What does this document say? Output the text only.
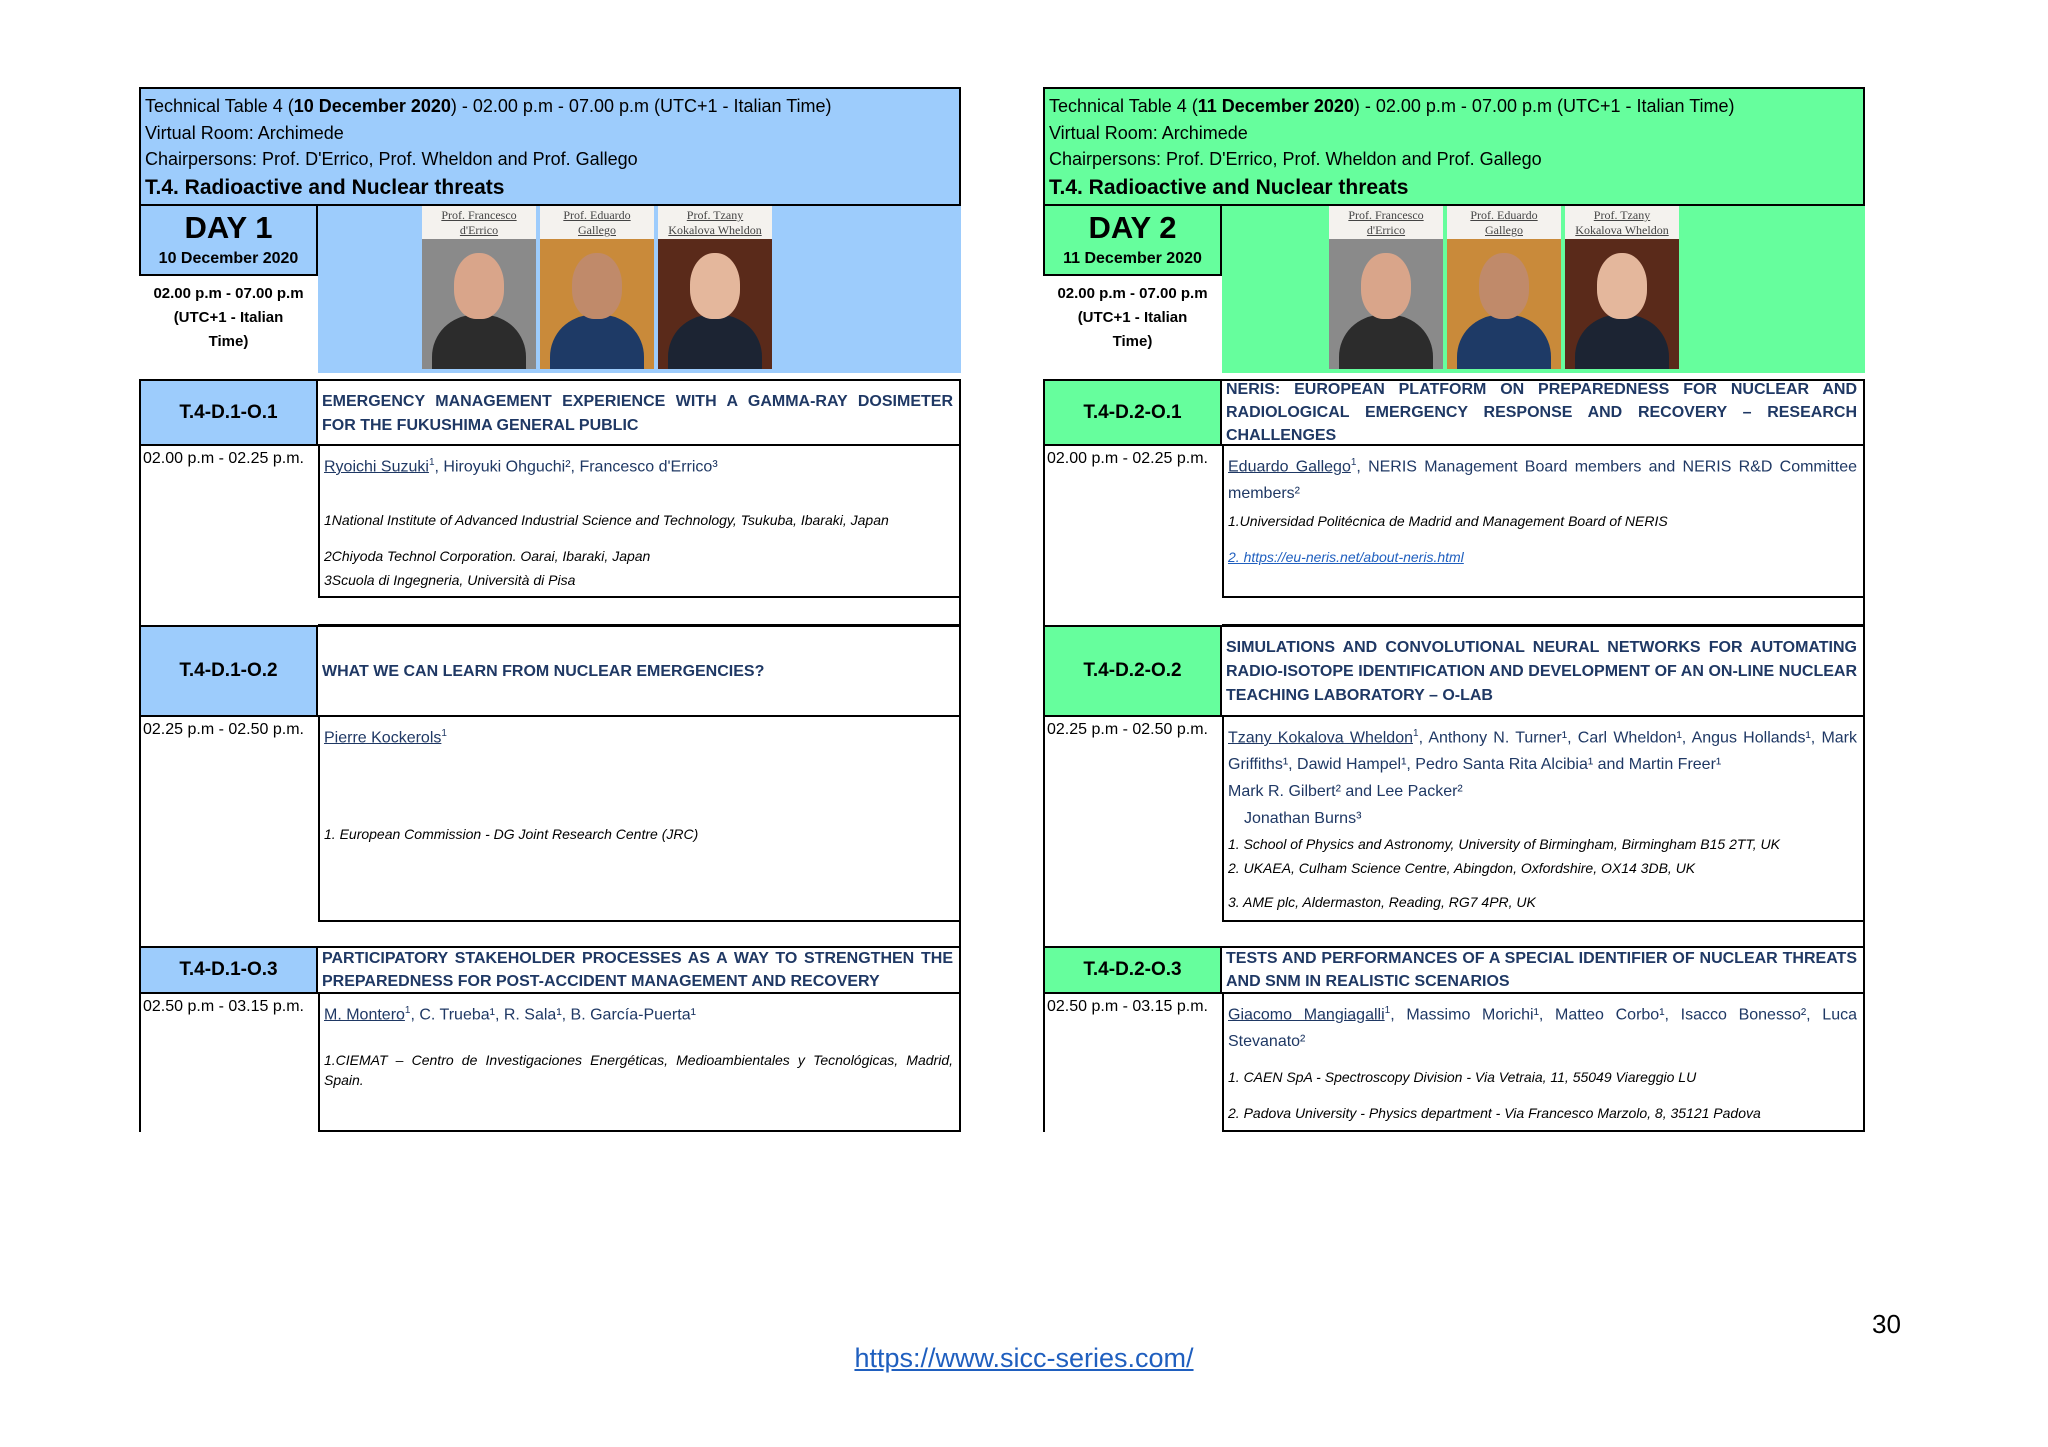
Technical Table 4 (10 December 2020) - 02.00 p.m - 07.00 p.m (UTC+1 - Italian Time)
Virtual Room: Archimede
Chairpersons: Prof. D'Errico, Prof. Wheldon and Prof. Gallego
T.4. Radioactive and Nuclear threats
DAY 1
10 December 2020
02.00 p.m - 07.00 p.m
(UTC+1 - Italian
Time)
Prof. Francesco
d'Errico
Prof. Eduardo
Gallego
Prof. Tzany
Kokalova Wheldon
T.4-D.1-O.1
EMERGENCY MANAGEMENT EXPERIENCE WITH A GAMMA-RAY DOSIMETER FOR THE FUKUSHIMA GENERAL PUBLIC
02.00 p.m - 02.25 p.m.	Ryoichi Suzuki$^1$, Hiroyuki Ohguchi², Francesco d'Errico³
1National Institute of Advanced Industrial Science and Technology, Tsukuba, Ibaraki, Japan
2Chiyoda Technol Corporation. Oarai, Ibaraki, Japan
3Scuola di Ingegneria, Università di Pisa
T.4-D.1-O.2	WHAT WE CAN LEARN FROM NUCLEAR EMERGENCIES?
02.25 p.m - 02.50 p.m.	Pierre Kockerols$^1$
1. European Commission - DG Joint Research Centre (JRC)
T.4-D.1-O.3
PARTICIPATORY STAKEHOLDER PROCESSES AS A WAY TO STRENGTHEN THE PREPAREDNESS FOR POST-ACCIDENT MANAGEMENT AND RECOVERY
02.50 p.m - 03.15 p.m.	M. Montero$^1$, C. Trueba¹, R. Sala¹, B. García-Puerta¹
1.CIEMAT – Centro de Investigaciones Energéticas, Medioambientales y Tecnológicas, Madrid, Spain.
Technical Table 4 (11 December 2020) - 02.00 p.m - 07.00 p.m (UTC+1 - Italian Time)
Virtual Room: Archimede
Chairpersons: Prof. D'Errico, Prof. Wheldon and Prof. Gallego
T.4. Radioactive and Nuclear threats
DAY 2
11 December 2020
02.00 p.m - 07.00 p.m
(UTC+1 - Italian
Time)
Prof. Francesco
d'Errico
Prof. Eduardo
Gallego
Prof. Tzany
Kokalova Wheldon
T.4-D.2-O.1
NERIS: EUROPEAN PLATFORM ON PREPAREDNESS FOR NUCLEAR AND RADIOLOGICAL EMERGENCY RESPONSE AND RECOVERY – RESEARCH CHALLENGES
02.00 p.m - 02.25 p.m.	Eduardo Gallego$^1$, NERIS Management Board members and NERIS R&D Committee members²
1.Universidad Politécnica de Madrid and Management Board of NERIS
2. https://eu-neris.net/about-neris.html
T.4-D.2-O.2
SIMULATIONS AND CONVOLUTIONAL NEURAL NETWORKS FOR AUTOMATING RADIO-ISOTOPE IDENTIFICATION AND DEVELOPMENT OF AN ON-LINE NUCLEAR TEACHING LABORATORY – O-LAB
02.25 p.m - 02.50 p.m.	Tzany Kokalova Wheldon$^1$, Anthony N. Turner¹, Carl Wheldon¹, Angus Hollands¹, Mark Griffiths¹, Dawid Hampel¹, Pedro Santa Rita Alcibia¹ and Martin Freer¹
Mark R. Gilbert² and Lee Packer²
Jonathan Burns³
1. School of Physics and Astronomy, University of Birmingham, Birmingham B15 2TT, UK
2. UKAEA, Culham Science Centre, Abingdon, Oxfordshire, OX14 3DB, UK
3. AME plc, Aldermaston, Reading, RG7 4PR, UK
T.4-D.2-O.3
TESTS AND PERFORMANCES OF A SPECIAL IDENTIFIER OF NUCLEAR THREATS AND SNM IN REALISTIC SCENARIOS
02.50 p.m - 03.15 p.m.	Giacomo Mangiagalli$^1$, Massimo Morichi¹, Matteo Corbo¹, Isacco Bonesso², Luca Stevanato²
1. CAEN SpA - Spectroscopy Division - Via Vetraia, 11, 55049 Viareggio LU
2. Padova University - Physics department - Via Francesco Marzolo, 8, 35121 Padova
30
https://www.sicc-series.com/
